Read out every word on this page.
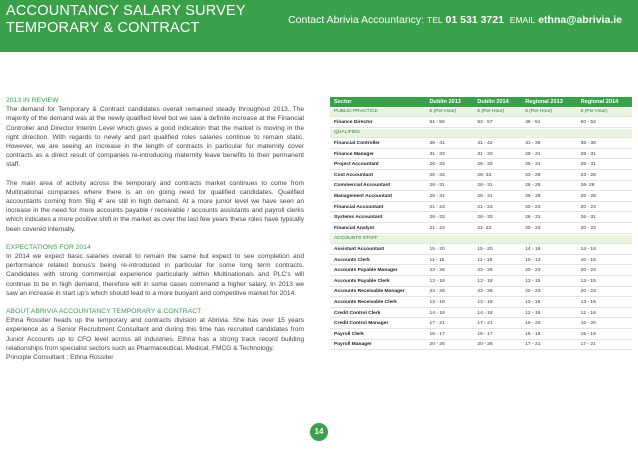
ACCOUNTANCY SALARY SURVEY
TEMPORARY & CONTRACT	Contact Abrivia Accountancy: TEL 01 531 3721 EMAIL ethna@abrivia.ie
2013 IN REVIEW

The demand for Temporary & Contract candidates overall remained steady throughout 2013. The majority of the demand was at the newly qualified level but we saw a definite increase at the Financial Controller and Director Interim Level which gives a good indication that the market is moving in the right direction. With regards to newly and part qualified roles salaries continue to remain static. However, we are seeing an increase in the length of contracts in particular for maternity cover contracts as a direct result of companies re-introducing maternity leave benefits to their permanent staff.

The main area of activity across the temporary and contracts market continues to come from Multinational companies where there is an on going need for qualified candidates. Qualified accountants coming from 'Big 4' are still in high demand. At a more junior level we have seen an increase in the need for more accounts payable / receivable / accounts assistants and payroll clerks which indicates a more positive shift in the market as over the last few years these roles have typically been covered internally.

EXPECTATIONS FOR 2014

In 2014 we expect basic salaries overall to remain the same but expect to see completion and performance related bonus's being re-introduced in particular for some long term contracts. Candidates with strong commercial experience particularly within Multinationals and PLC's will continue to be in high demand, therefore will in some cases command a higher salary. In 2013 we saw an increase in start up's which should lead to a more buoyant and competitive market for 2014.

ABOUT ABRIVIA ACCOUNTANCY TEMPORARY & CONTRACT

Ethna Rossiter heads up the temporary and contracts division at Abrivia. She has over 15 years experience as a Senior Recruitment Consultant and during this time has recruited candidates from Junior Accounts up to CFO level across all industries. Ethna has a strong track record building relationships from specialist sectors such as Pharmaceutical, Medical, FMCG & Technology.

Principle Consultant : Ethna Rossiter
Sector	Dublin 2013	Dublin 2014	Regional 2013	Regional 2014
PUBLIC PRACTICE	€ (Per Hour)	€ (Per Hour)	€ (Per Hour)	€ (Per Hour)
Finance Director	51 - 56	53 - 57	46 - 51	50 - 52
QUALIFIED				
Financial Controller	36 - 41	41 - 42	31 - 36	36 - 38
Finance Manager	31 - 33	31 - 33	28 - 31	28 - 31
Project Accountant	26 - 33	26 - 33	26 - 31	26 - 31
Cost Accountant	26 - 33	26- 33	23 - 28	23 - 28
Commercial Accountant	28 - 31	28 - 31	26 - 28	26- 28
Management Accountant	28 - 31	28 - 31	26 - 28	26 - 28
Financial Accountant	21 - 23	21 - 23	20 - 23	20 - 23
Systems Accountant	28 - 33	28 - 33	26 - 31	26 - 31
Financial Analyst	21 - 23	21- 23	20 - 23	20 - 23
ACCOUNTS STAFF				
Assistant Accountant	15 - 20	15 - 20	14 - 18	14 - 18
Accounts Clerk	11 - 15	11 - 15	10 - 13	10 - 15
Accounts Payable Manager	23 - 28	23 - 28	20 - 23	20 - 23
Accounts Payable Clerk	13 - 18	13 - 18	13 - 15	13 - 15
Accounts Receivable Manager	23 - 29	23 - 28	20 - 23	20 - 23
Accounts Receivable Clerk	13 - 18	13 - 18	13 - 15	13 - 15
Credit Control Clerk	14 - 18	14 - 18	12 - 16	12 - 16
Credit Control Manager	17 - 21	17 - 21	16 - 20	16 - 20
Payroll Clerk	16 - 17	16 - 17	15 - 16	15 - 16
Payroll Manager	20 - 26	20 - 26	17 - 21	17 - 21
14
